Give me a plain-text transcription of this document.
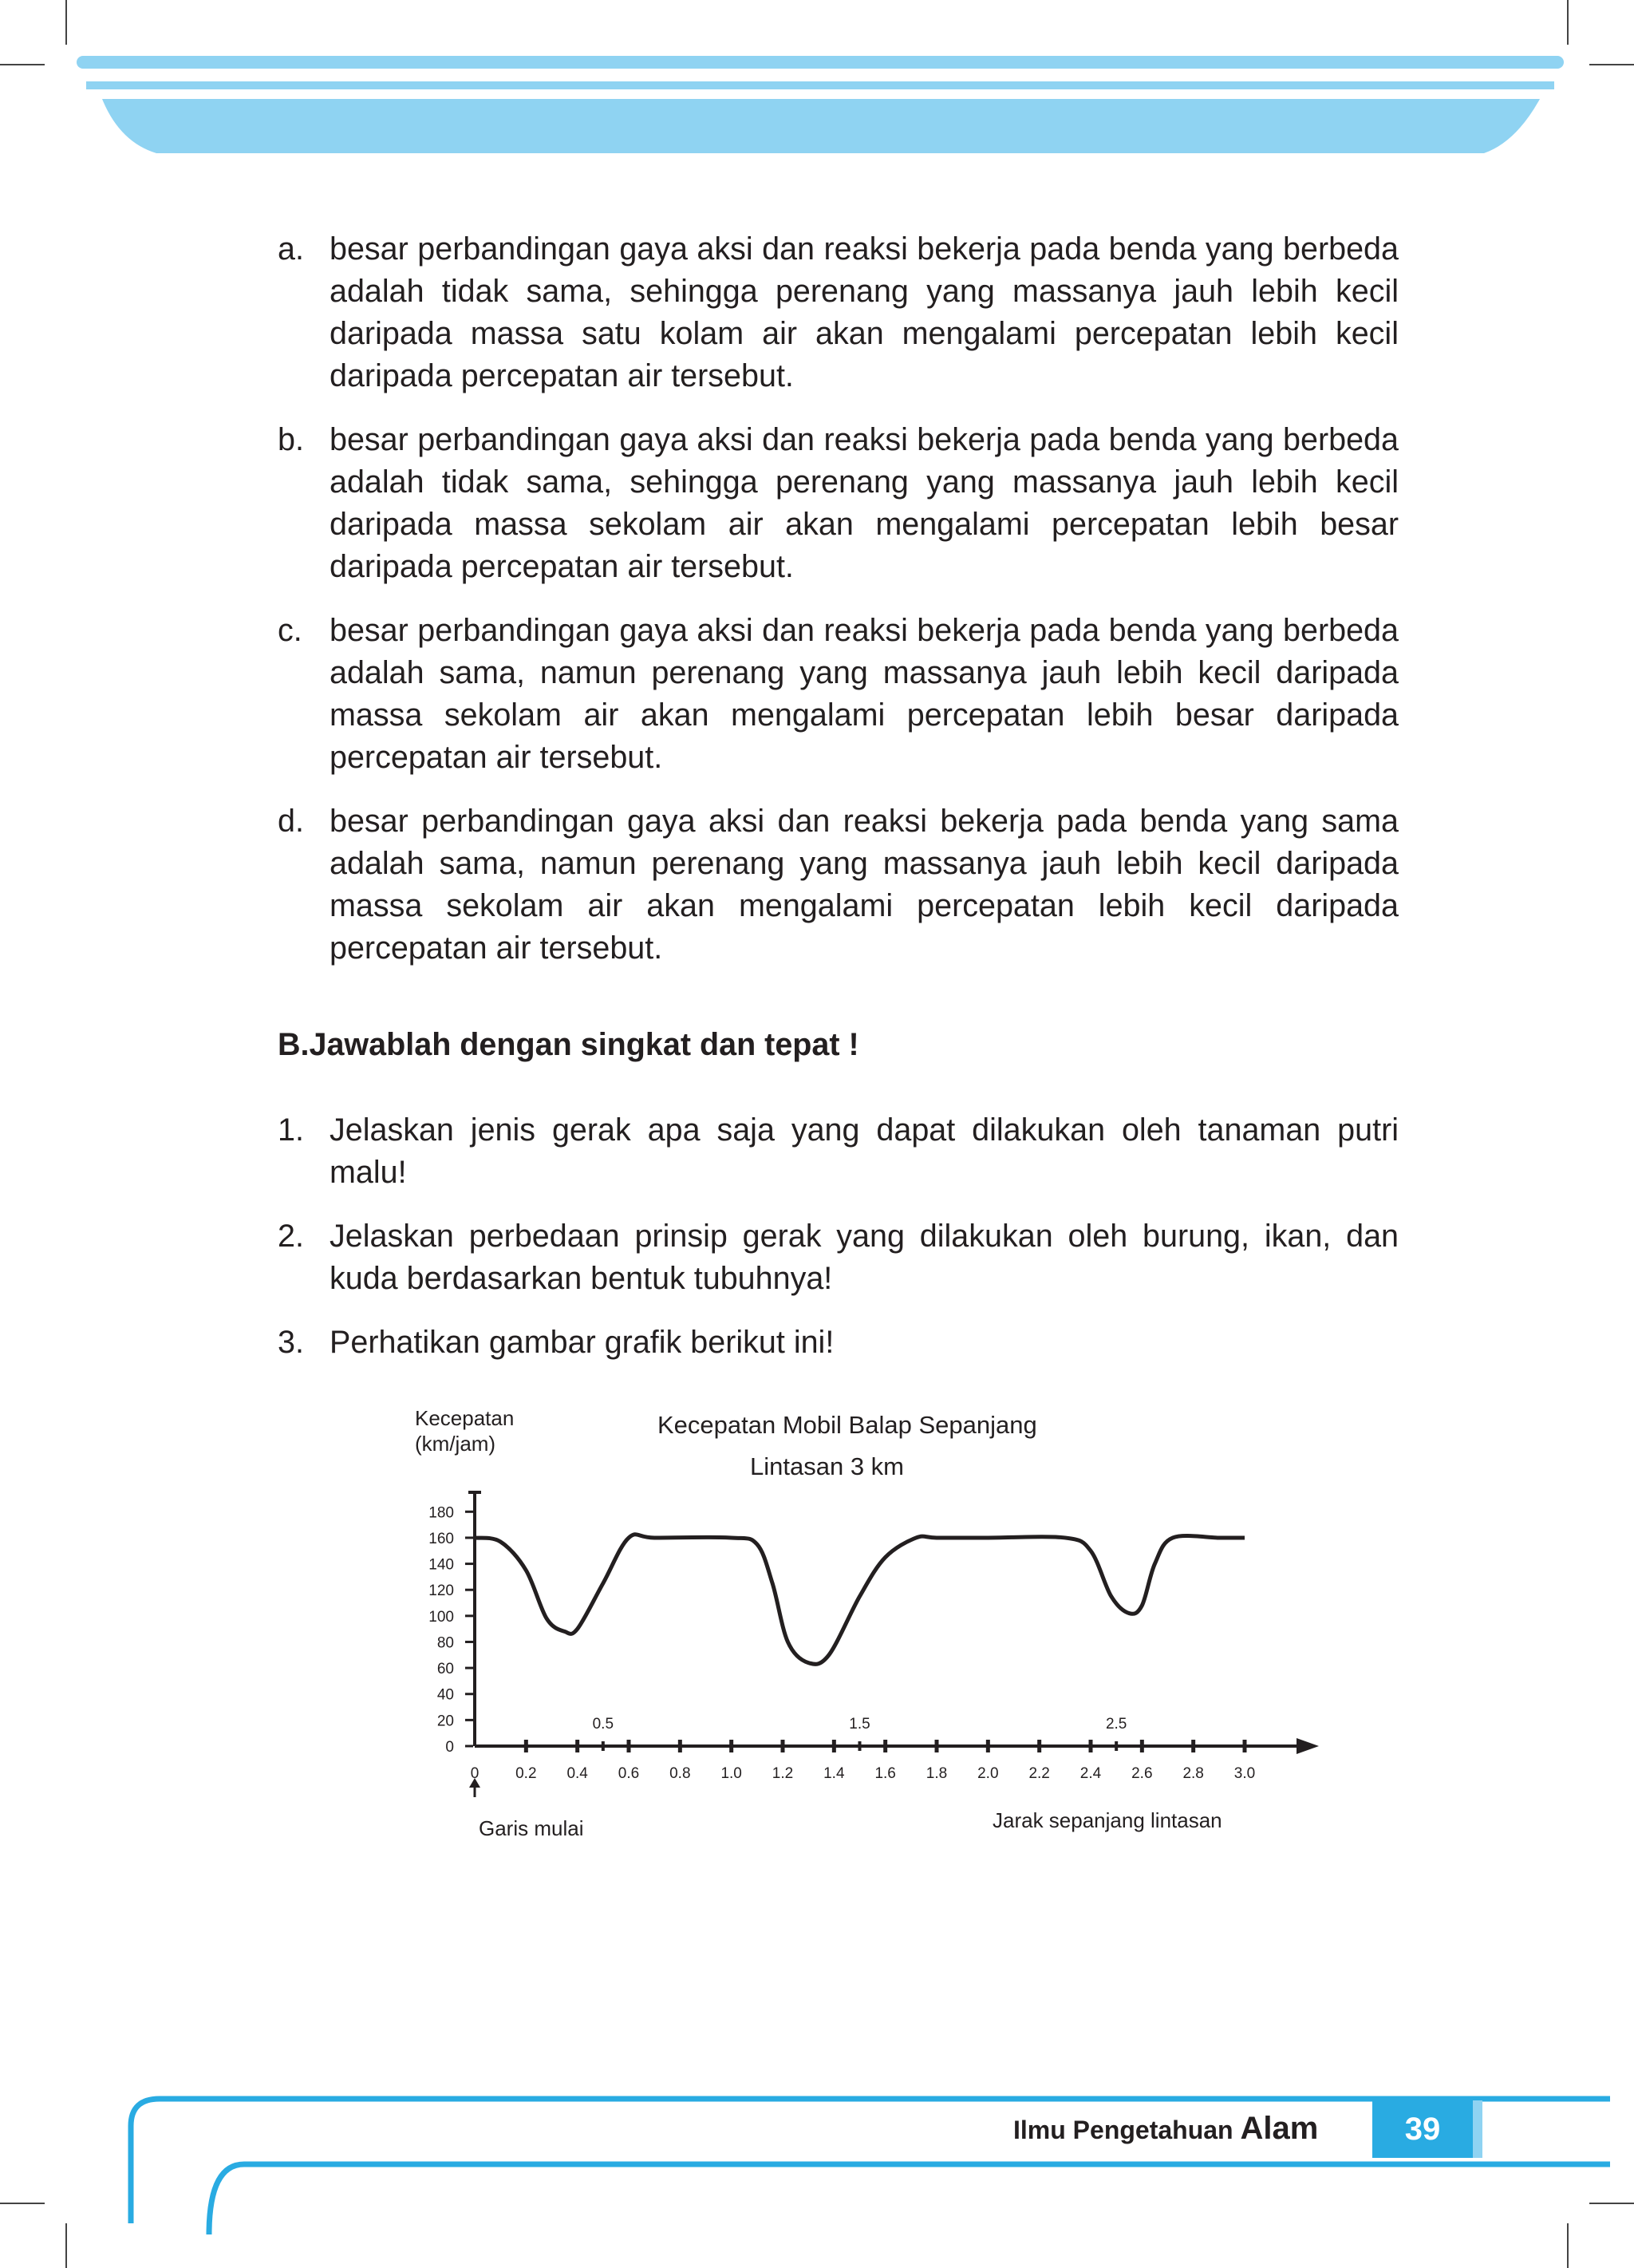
a. besar perbandingan gaya aksi dan reaksi bekerja pada benda yang berbeda adalah tidak sama, sehingga perenang yang massanya jauh lebih kecil daripada massa satu kolam air akan mengalami percepatan lebih kecil daripada percepatan air tersebut.
b. besar perbandingan gaya aksi dan reaksi bekerja pada benda yang berbeda adalah tidak sama, sehingga perenang yang massanya jauh lebih kecil daripada massa sekolam air akan mengalami percepatan lebih besar daripada percepatan air tersebut.
c. besar perbandingan gaya aksi dan reaksi bekerja pada benda yang berbeda adalah sama, namun perenang yang massanya jauh lebih kecil daripada massa sekolam air akan mengalami percepatan lebih besar daripada percepatan air tersebut.
d. besar perbandingan gaya aksi dan reaksi bekerja pada benda yang sama adalah sama, namun perenang yang massanya jauh lebih kecil daripada massa sekolam air akan mengalami percepatan lebih kecil daripada percepatan air tersebut.
B.Jawablah dengan singkat dan tepat !
1. Jelaskan jenis gerak apa saja yang dapat dilakukan oleh tanaman putri malu!
2. Jelaskan perbedaan prinsip gerak yang dilakukan oleh burung, ikan, dan kuda berdasarkan bentuk tubuhnya!
3. Perhatikan gambar grafik berikut ini!
Kecepatan
(km/jam)
Kecepatan Mobil Balap Sepanjang
Lintasan 3 km
0
20
40
60
80
100
120
140
160
180
0 0.2 0.4 0.6 0.8 1.0 1.2 1.4 1.6 1.8 2.0 2.2 2.4 2.6 2.8 3.0
0.5	1.5	2.5
Garis mulai	Jarak sepanjang lintasan
Ilmu Pengetahuan Alam	39
